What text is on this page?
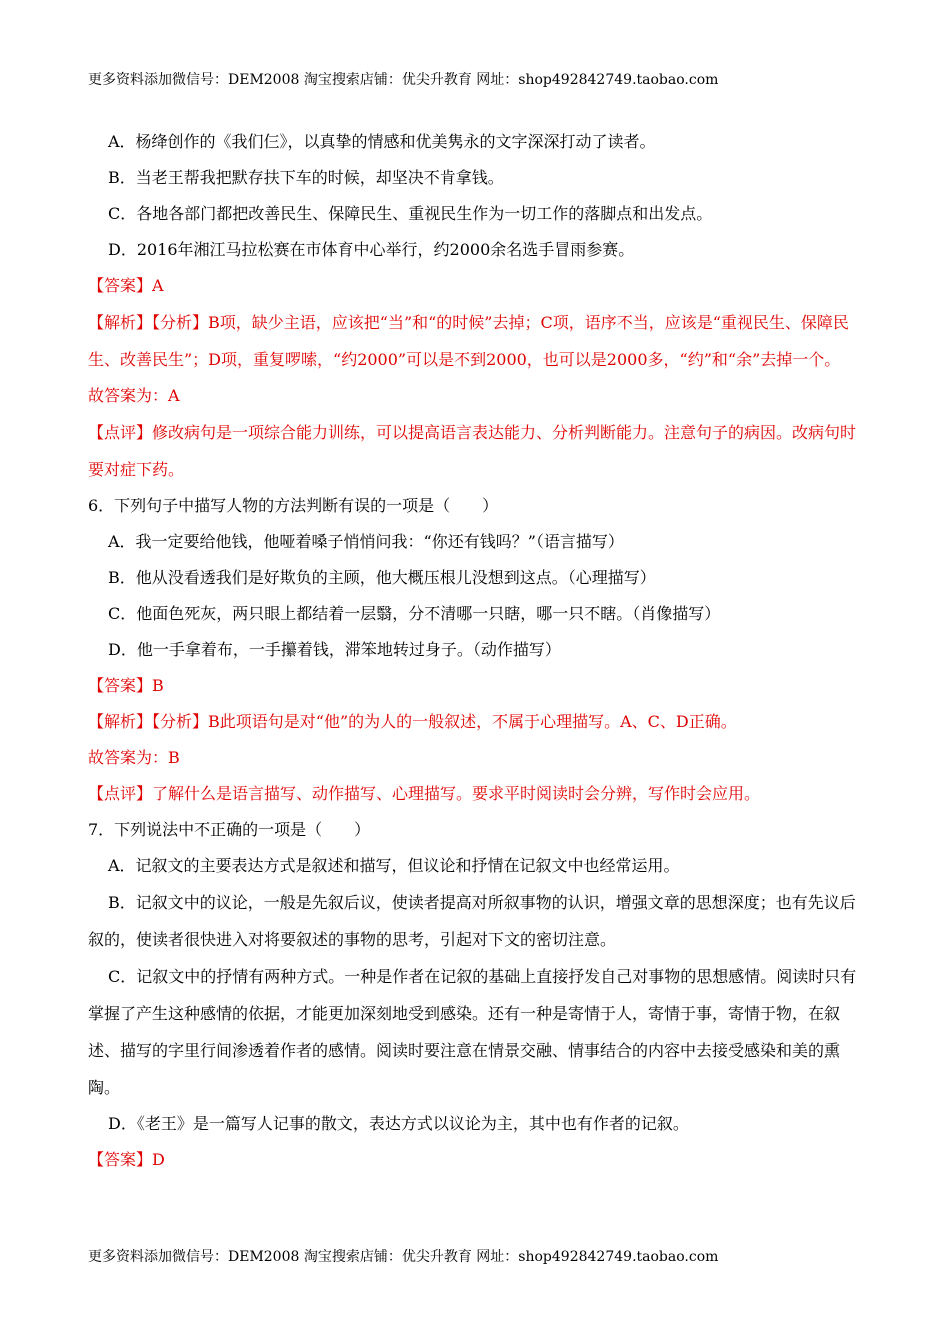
更多资料添加微信号：DEM2008 淘宝搜索店铺：优尖升教育 网址：shop492842749.taobao.com

A．杨绛创作的《我们仨》，以真挚的情感和优美隽永的文字深深打动了读者。

B．当老王帮我把默存扶下车的时候，却坚决不肯拿钱。

C．各地各部门都把改善民生、保障民生、重视民生作为一切工作的落脚点和出发点。

D．2016年湘江马拉松赛在市体育中心举行，约2000余名选手冒雨参赛。

【答案】A

【解析】【分析】B项，缺少主语，应该把“当”和“的时候”去掉；C项，语序不当，应该是“重视民生、保障民生、改善民生”；D项，重复啰嗦，“约2000”可以是不到2000，也可以是2000多，“约”和“余”去掉一个。

故答案为：A

【点评】修改病句是一项综合能力训练，可以提高语言表达能力、分析判断能力。注意句子的病因。改病句时要对症下药。

6．下列句子中描写人物的方法判断有误的一项是（　　）

A．我一定要给他钱，他哑着嗓子悄悄问我：“你还有钱吗？”（语言描写）

B．他从没看透我们是好欺负的主顾，他大概压根儿没想到这点。（心理描写）

C．他面色死灰，两只眼上都结着一层翳，分不清哪一只瞎，哪一只不瞎。（肖像描写）

D．他一手拿着布，一手攥着钱，滞笨地转过身子。（动作描写）

【答案】B

【解析】【分析】B此项语句是对“他”的为人的一般叙述，不属于心理描写。A、C、D正确。

故答案为：B

【点评】了解什么是语言描写、动作描写、心理描写。要求平时阅读时会分辨，写作时会应用。

7．下列说法中不正确的一项是（　　）

A．记叙文的主要表达方式是叙述和描写，但议论和抒情在记叙文中也经常运用。

B．记叙文中的议论，一般是先叙后议，使读者提高对所叙事物的认识，增强文章的思想深度；也有先议后叙的，使读者很快进入对将要叙述的事物的思考，引起对下文的密切注意。

C．记叙文中的抒情有两种方式。一种是作者在记叙的基础上直接抒发自己对事物的思想感情。阅读时只有掌握了产生这种感情的依据，才能更加深刻地受到感染。还有一种是寄情于人，寄情于事，寄情于物，在叙述、描写的字里行间渗透着作者的感情。阅读时要注意在情景交融、情事结合的内容中去接受感染和美的熏陶。

D．《老王》是一篇写人记事的散文，表达方式以议论为主，其中也有作者的记叙。

【答案】D

更多资料添加微信号：DEM2008 淘宝搜索店铺：优尖升教育 网址：shop492842749.taobao.com
